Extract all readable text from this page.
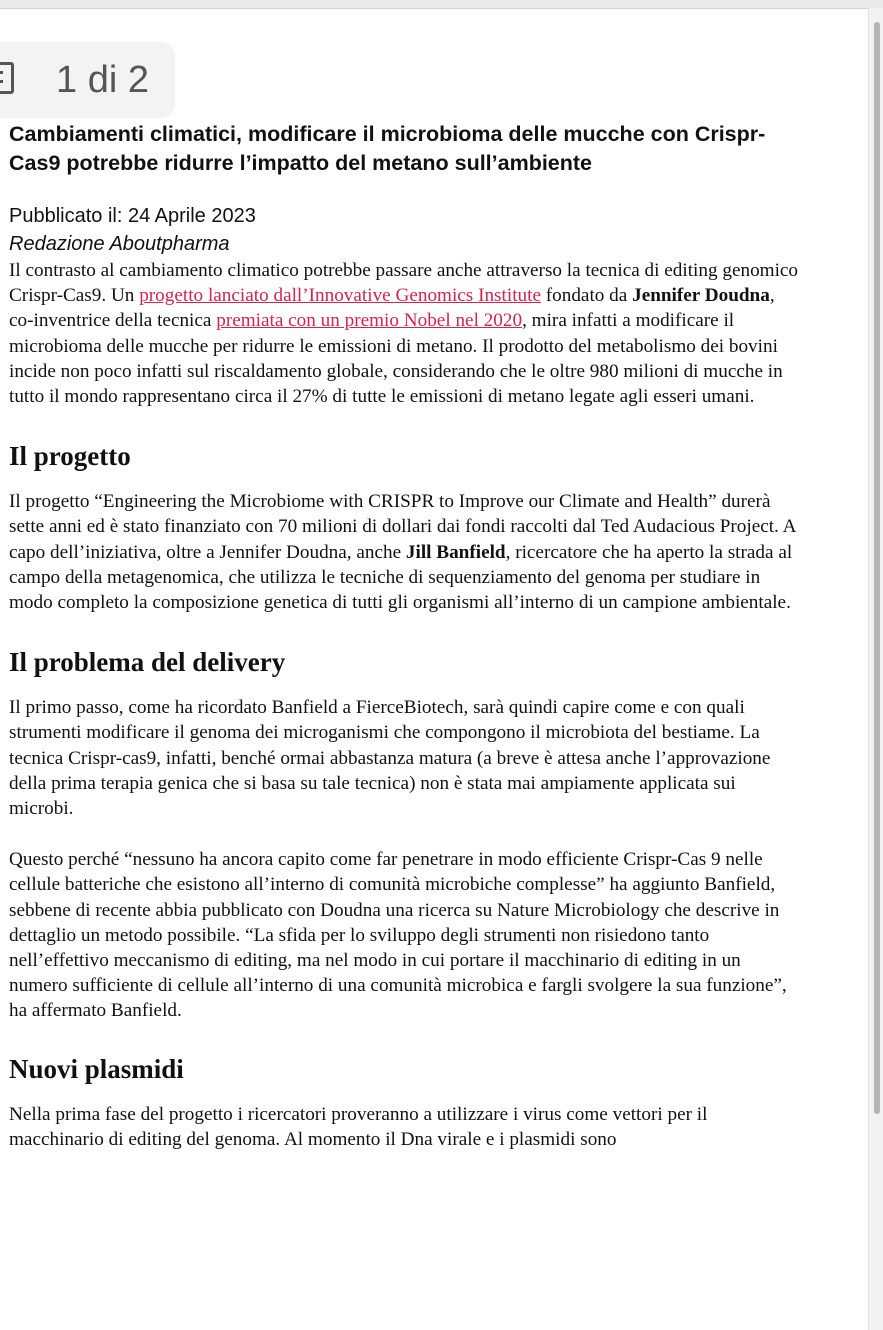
1 di 2
Cambiamenti climatici, modificare il microbioma delle mucche con Crispr-Cas9 potrebbe ridurre l’impatto del metano sull’ambiente
Pubblicato il: 24 Aprile 2023
Redazione Aboutpharma

Il contrasto al cambiamento climatico potrebbe passare anche attraverso la tecnica di editing genomico Crispr-Cas9. Un progetto lanciato dall’Innovative Genomics Institute fondato da Jennifer Doudna, co-inventrice della tecnica premiata con un premio Nobel nel 2020, mira infatti a modificare il microbioma delle mucche per ridurre le emissioni di metano. Il prodotto del metabolismo dei bovini incide non poco infatti sul riscaldamento globale, considerando che le oltre 980 milioni di mucche in tutto il mondo rappresentano circa il 27% di tutte le emissioni di metano legate agli esseri umani.

Il progetto

Il progetto “Engineering the Microbiome with CRISPR to Improve our Climate and Health” durerà sette anni ed è stato finanziato con 70 milioni di dollari dai fondi raccolti dal Ted Audacious Project. A capo dell’iniziativa, oltre a Jennifer Doudna, anche Jill Banfield, ricercatore che ha aperto la strada al campo della metagenomica, che utilizza le tecniche di sequenziamento del genoma per studiare in modo completo la composizione genetica di tutti gli organismi all’interno di un campione ambientale.

Il problema del delivery

Il primo passo, come ha ricordato Banfield a FierceBiotech, sarà quindi capire come e con quali strumenti modificare il genoma dei microganismi che compongono il microbiota del bestiame. La tecnica Crispr-cas9, infatti, benché ormai abbastanza matura (a breve è attesa anche l’approvazione della prima terapia genica che si basa su tale tecnica) non è stata mai ampiamente applicata sui microbi.

Questo perché “nessuno ha ancora capito come far penetrare in modo efficiente Crispr-Cas 9 nelle cellule batteriche che esistono all’interno di comunità microbiche complesse” ha aggiunto Banfield, sebbene di recente abbia pubblicato con Doudna una ricerca su Nature Microbiology che descrive in dettaglio un metodo possibile. “La sfida per lo sviluppo degli strumenti non risiedono tanto nell’effettivo meccanismo di editing, ma nel modo in cui portare il macchinario di editing in un numero sufficiente di cellule all’interno di una comunità microbica e fargli svolgere la sua funzione”, ha affermato Banfield.

Nuovi plasmidi

Nella prima fase del progetto i ricercatori proveranno a utilizzare i virus come vettori per il macchinario di editing del genoma. Al momento il Dna virale e i plasmidi sono
